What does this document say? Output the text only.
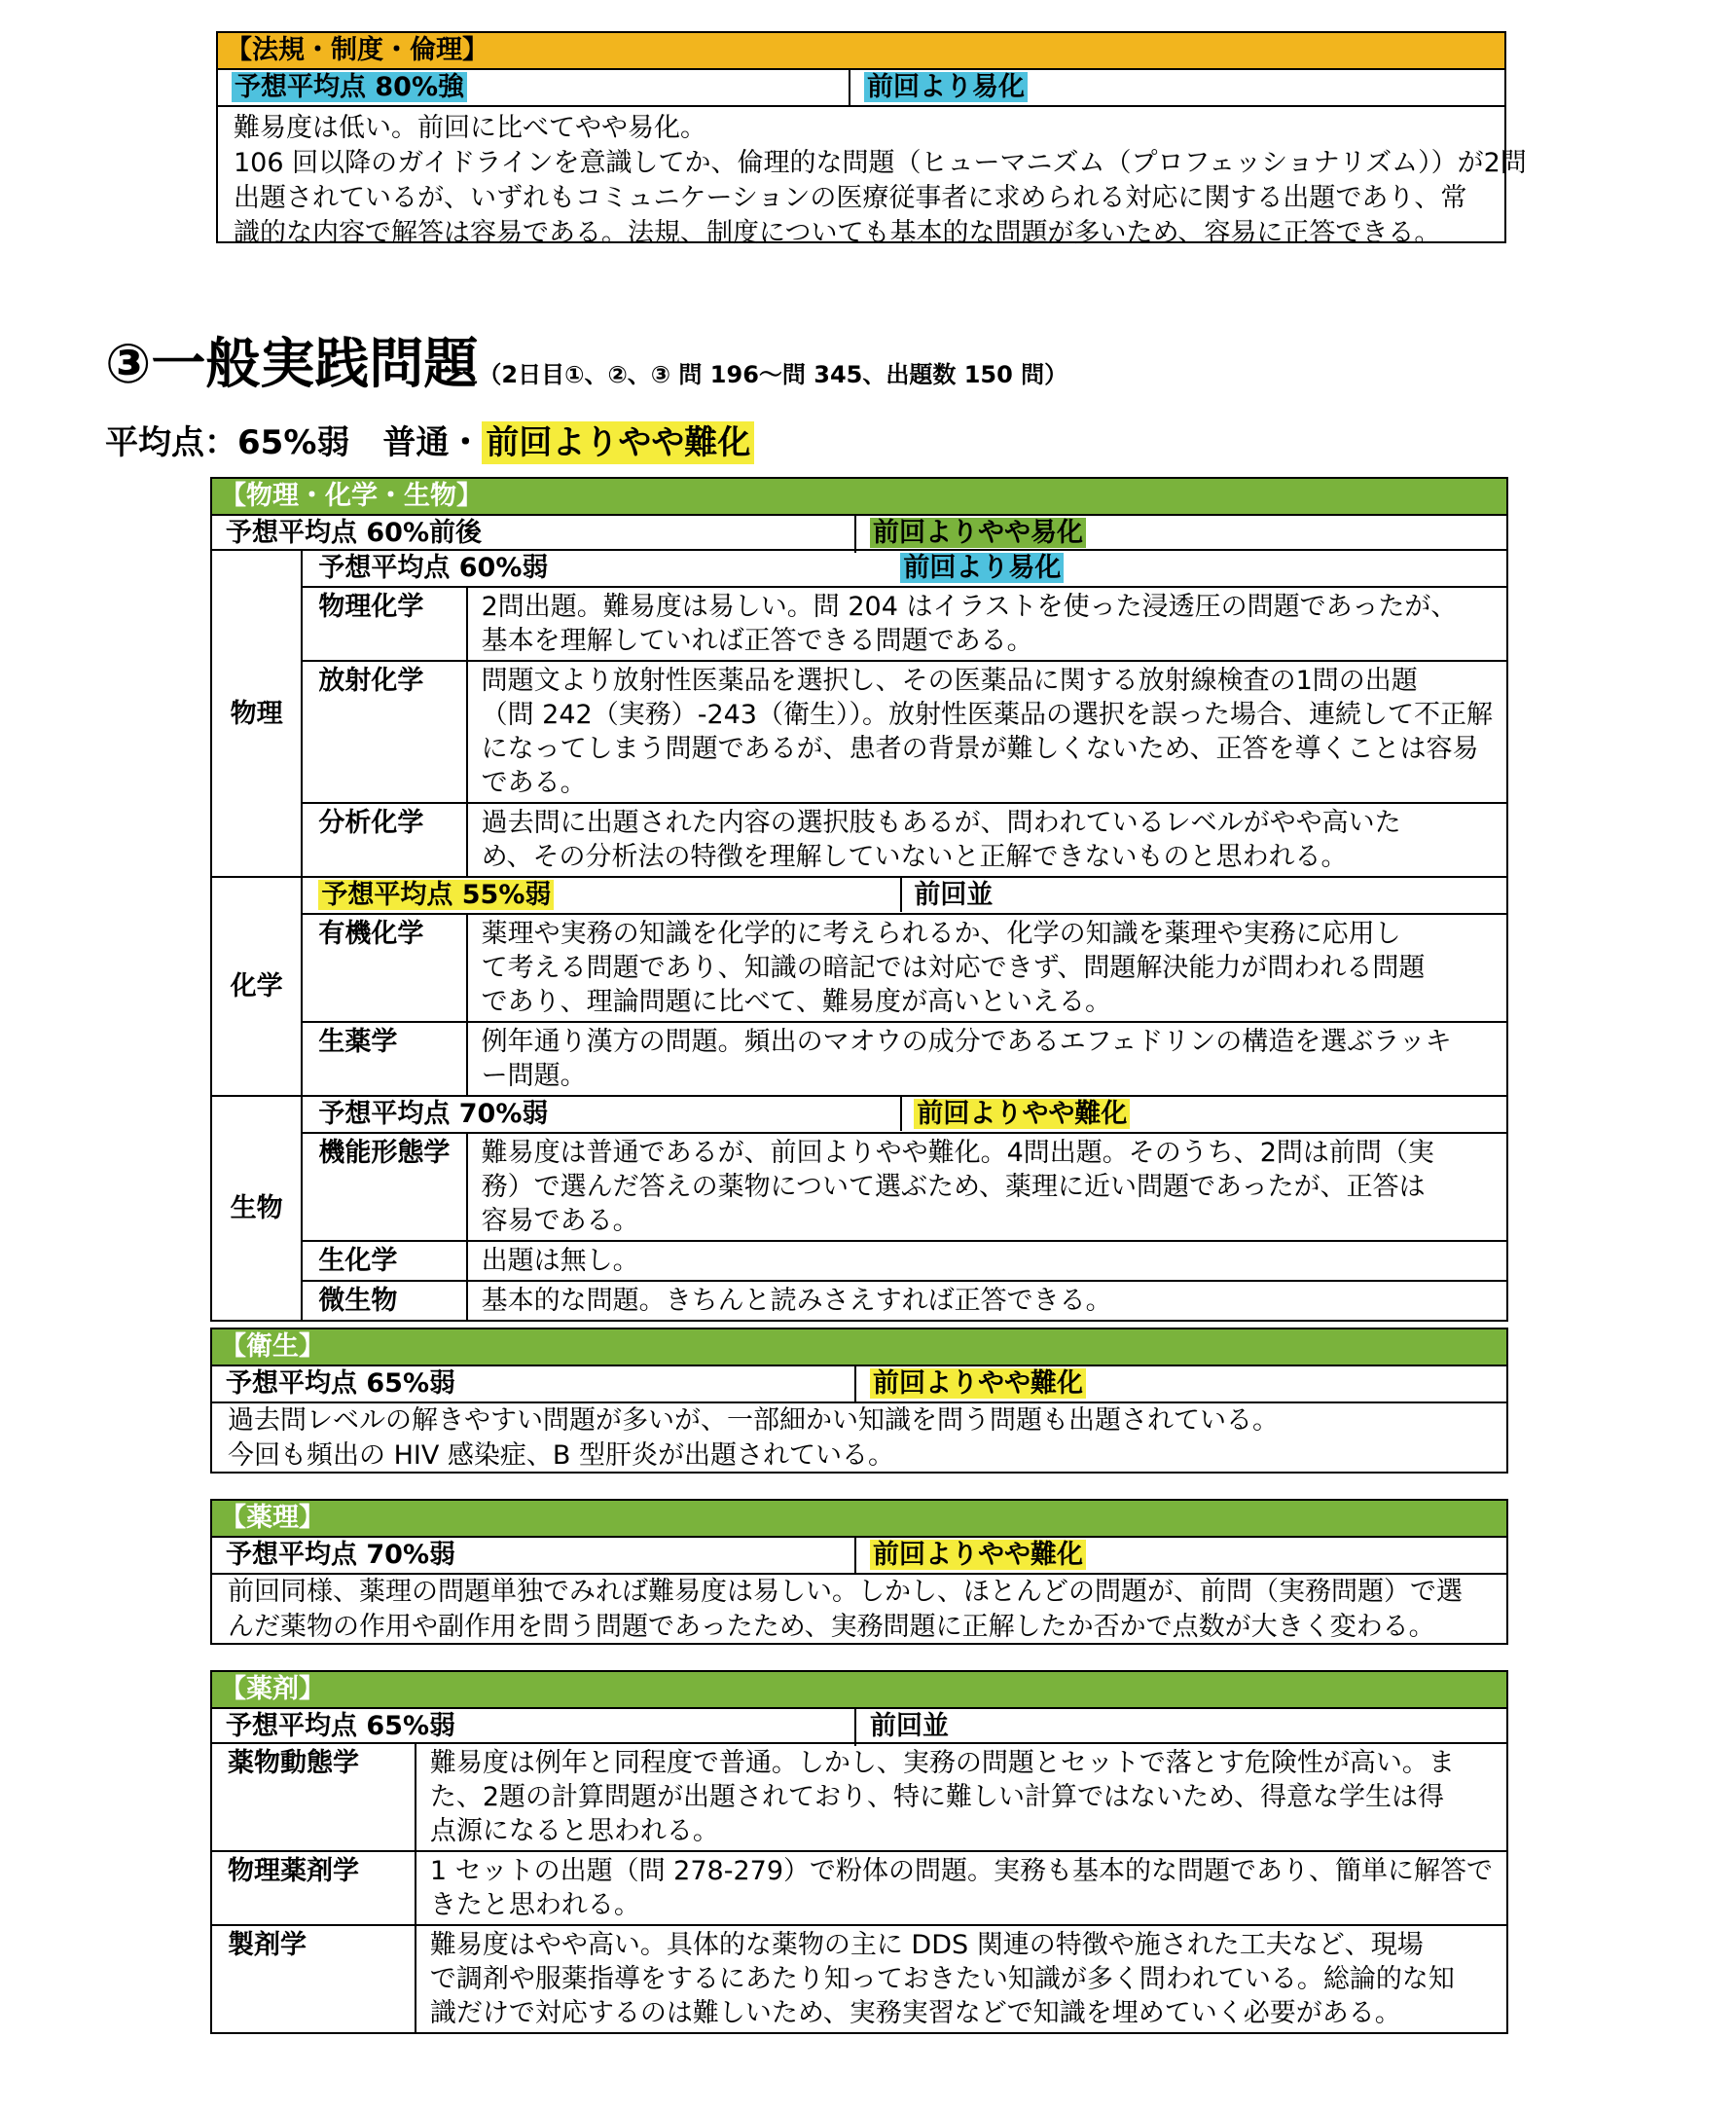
【法規・制度・倫理】
予想平均点 80%強	前回より易化
難易度は低い。前回に比べてやや易化。
106 回以降のガイドラインを意識してか、倫理的な問題（ヒューマニズム（プロフェッショナリズム））が2問
出題されているが、いずれもコミュニケーションの医療従事者に求められる対応に関する出題であり、常
識的な内容で解答は容易である。法規、制度についても基本的な問題が多いため、容易に正答できる。
③一般実践問題（2日目①、②、③ 問 196〜問 345、出題数 150 問）
平均点：65%弱　普通・ 前回よりやや難化
【物理・化学・生物】
予想平均点 60%前後	前回よりやや易化
物理	予想平均点 60%弱 前回より易化	

	物理化学	2問出題。難易度は易しい。問 204 はイラストを使った浸透圧の問題であったが、
基本を理解していれば正答できる問題である。

	放射化学	問題文より放射性医薬品を選択し、その医薬品に関する放射線検査の1問の出題
（問 242（実務）-243（衛生））。放射性医薬品の選択を誤った場合、連続して不正解
になってしまう問題であるが、患者の背景が難しくないため、正答を導くことは容易
である。

	分析化学	過去問に出題された内容の選択肢もあるが、問われているレベルがやや高いた
め、その分析法の特徴を理解していないと正解できないものと思われる。

化学	予想平均点 55%弱 前回並	

	有機化学	薬理や実務の知識を化学的に考えられるか、化学の知識を薬理や実務に応用し
て考える問題であり、知識の暗記では対応できず、問題解決能力が問われる問題
であり、理論問題に比べて、難易度が高いといえる。

	生薬学	例年通り漢方の問題。頻出のマオウの成分であるエフェドリンの構造を選ぶラッキ
ー問題。

生物	予想平均点 70%弱 前回よりやや難化	

	機能形態学	難易度は普通であるが、前回よりやや難化。4問出題。そのうち、2問は前問（実
務）で選んだ答えの薬物について選ぶため、薬理に近い問題であったが、正答は
容易である。

	生化学	出題は無し。

	微生物	基本的な問題。きちんと読みさえすれば正答できる。
【衛生】
予想平均点 65%弱	前回よりやや難化
過去問レベルの解きやすい問題が多いが、一部細かい知識を問う問題も出題されている。
今回も頻出の HIV 感染症、B 型肝炎が出題されている。
【薬理】
予想平均点 70%弱	前回よりやや難化
前回同様、薬理の問題単独でみれば難易度は易しい。しかし、ほとんどの問題が、前問（実務問題）で選
んだ薬物の作用や副作用を問う問題であったため、実務問題に正解したか否かで点数が大きく変わる。
【薬剤】
予想平均点 65%弱	前回並
薬物動態学	難易度は例年と同程度で普通。しかし、実務の問題とセットで落とす危険性が高い。ま
た、2題の計算問題が出題されており、特に難しい計算ではないため、得意な学生は得
点源になると思われる。

物理薬剤学	1 セットの出題（問 278-279）で粉体の問題。実務も基本的な問題であり、簡単に解答で
きたと思われる。

製剤学	難易度はやや高い。具体的な薬物の主に DDS 関連の特徴や施された工夫など、現場
で調剤や服薬指導をするにあたり知っておきたい知識が多く問われている。総論的な知
識だけで対応するのは難しいため、実務実習などで知識を埋めていく必要がある。
